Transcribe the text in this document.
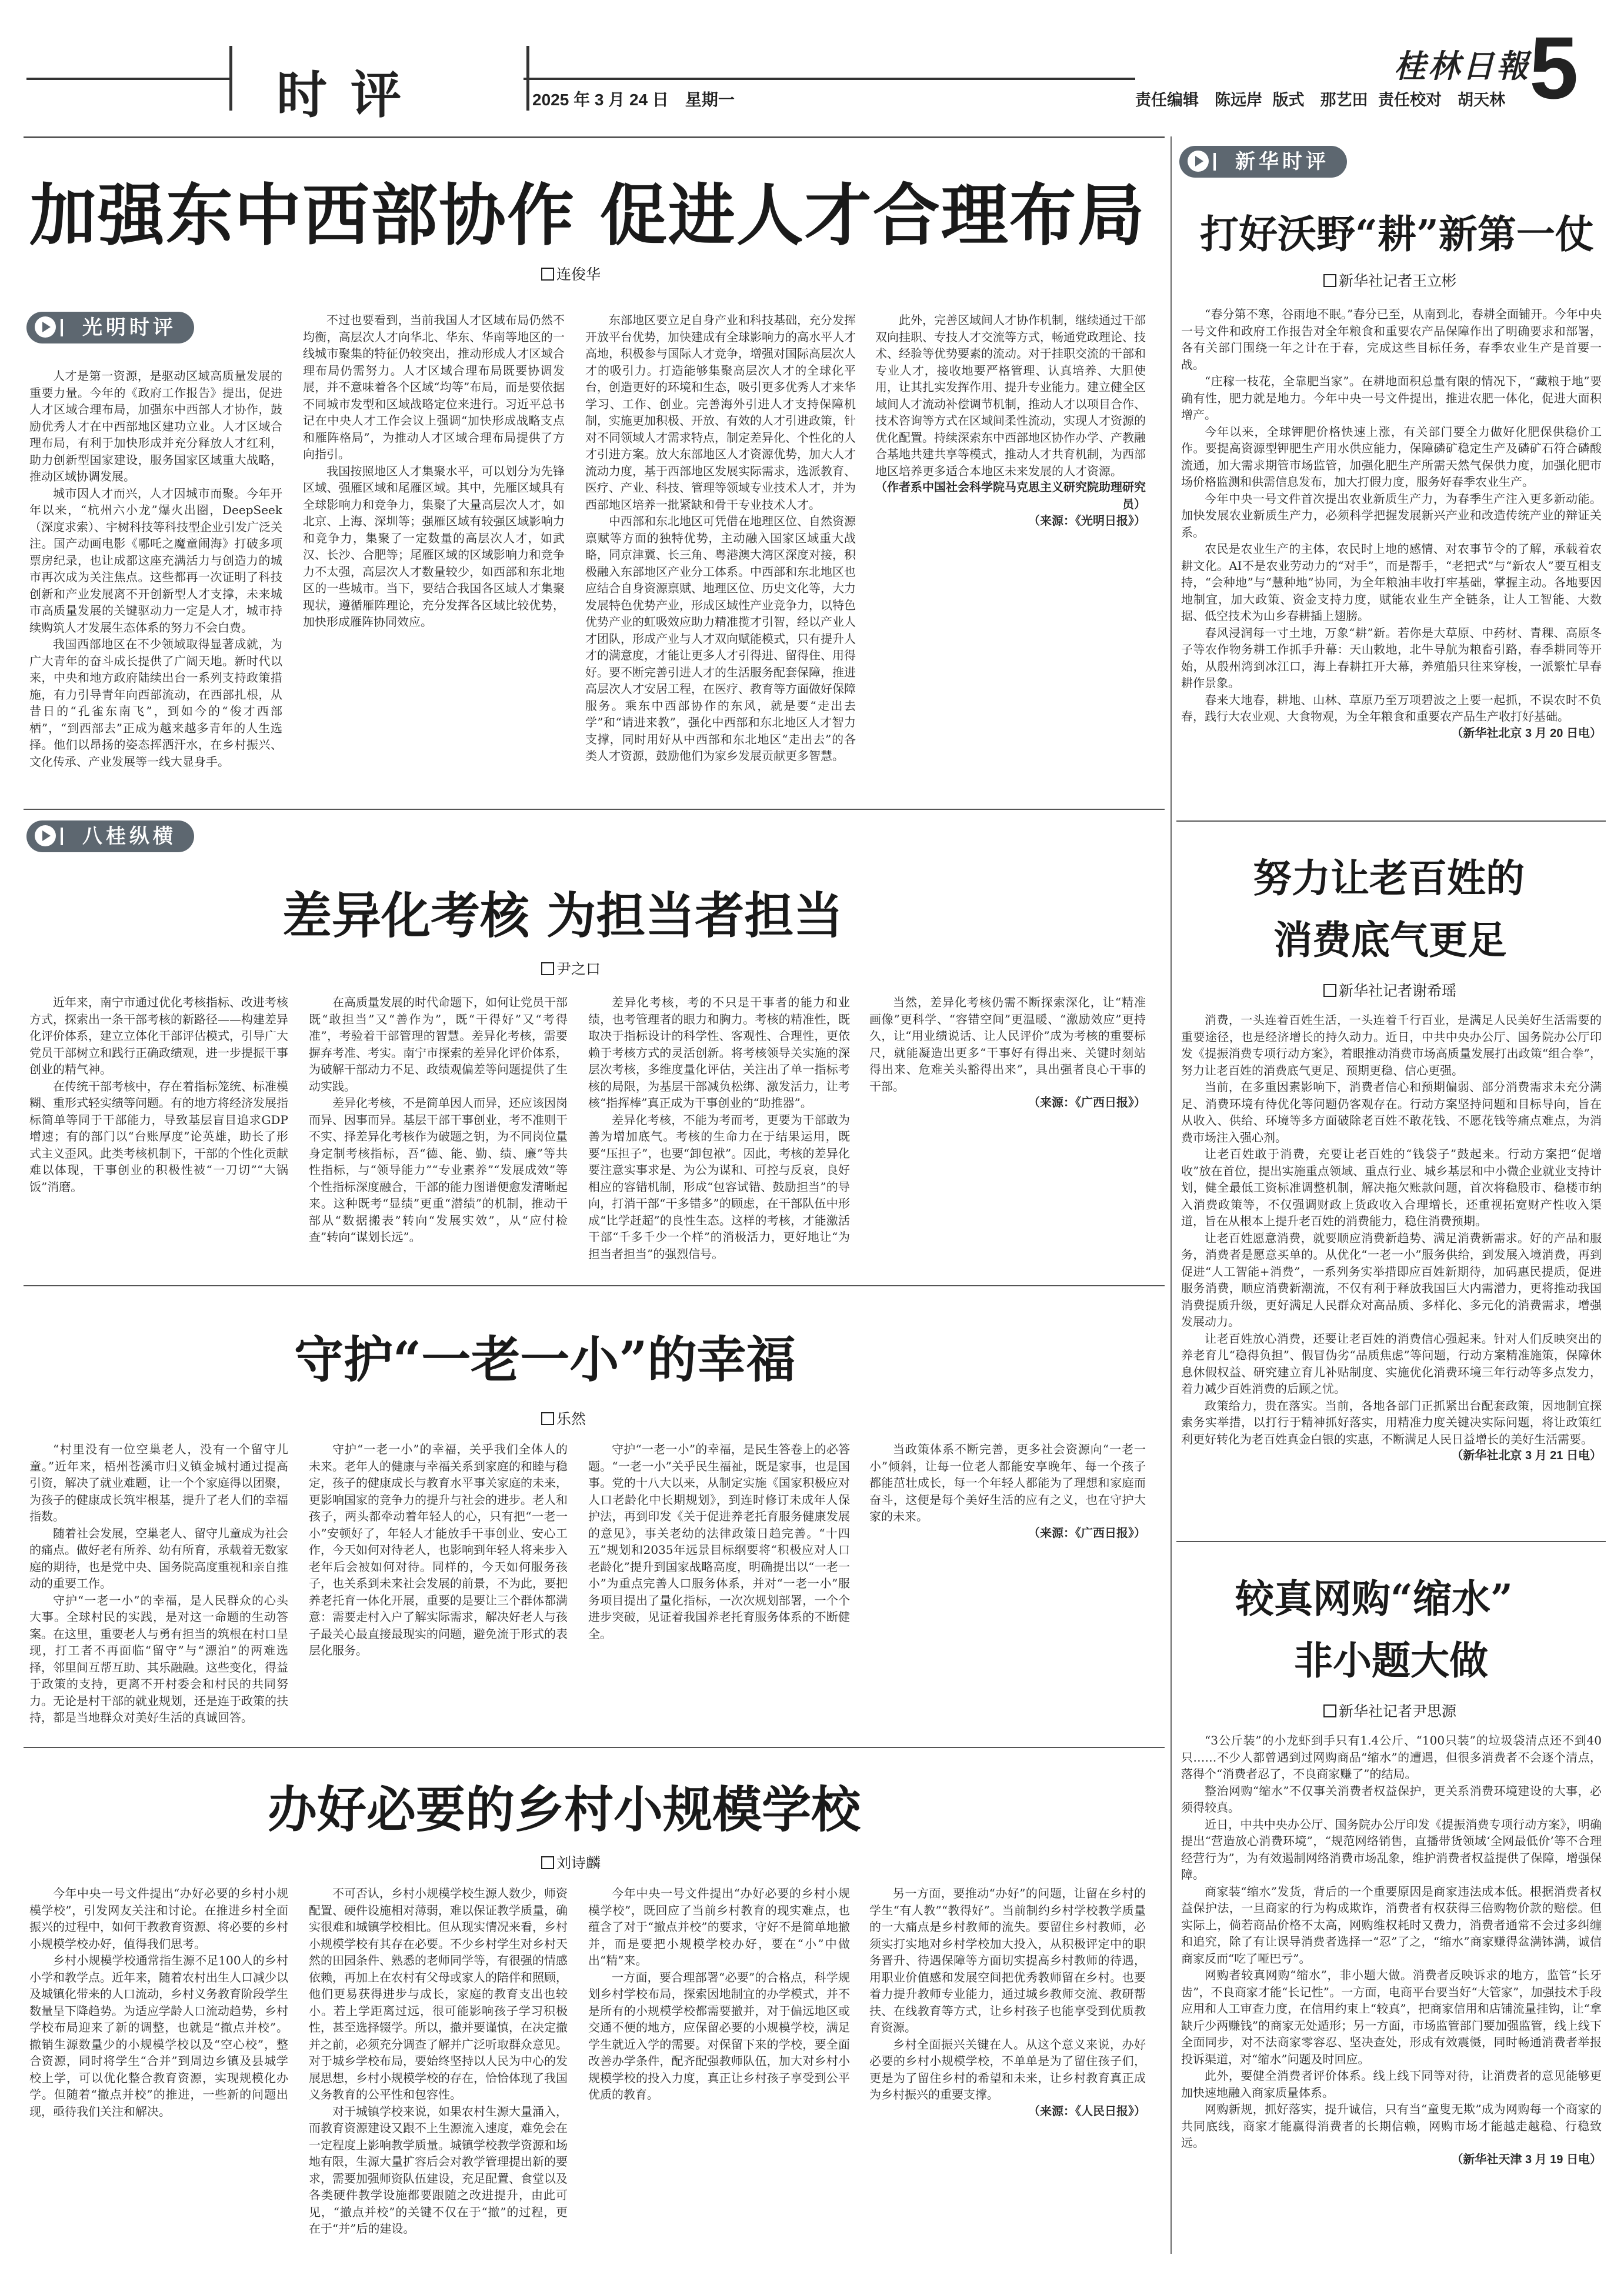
时评	2025 年 3 月 24 日　星期一
桂林日報
5
责任编辑　陈远岸 版式　那艺田 责任校对　胡天林
加强东中西部协作 促进人才合理布局
连俊华
光明时评

人才是第一资源，是驱动区域高质量发展的重要力量。今年的《政府工作报告》提出，促进人才区域合理布局，加强东中西部人才协作，鼓励优秀人才在中西部地区建功立业。人才区域合理布局，有利于加快形成并充分释放人才红利，助力创新型国家建设，服务国家区域重大战略，推动区域协调发展。

城市因人才而兴，人才因城市而聚。今年开年以来，“杭州六小龙”爆火出圈，DeepSeek（深度求索）、宇树科技等科技型企业引发广泛关注。国产动画电影《哪吒之魔童闹海》打破多项票房纪录，也让成都这座充满活力与创造力的城市再次成为关注焦点。这些都再一次证明了科技创新和产业发展离不开创新型人才支撑，未来城市高质量发展的关键驱动力一定是人才，城市持续购筑人才发展生态体系的努力不会白费。

我国西部地区在不少领域取得显著成就，为广大青年的奋斗成长提供了广阔天地。新时代以来，中央和地方政府陆续出台一系列支持政策措施，有力引导青年向西部流动，在西部扎根，从昔日的“孔雀东南飞”，到如今的“俊才西部栖”，“到西部去”正成为越来越多青年的人生选择。他们以昂扬的姿态挥洒汗水，在乡村振兴、文化传承、产业发展等一线大显身手。

不过也要看到，当前我国人才区域布局仍然不均衡，高层次人才向华北、华东、华南等地区的一线城市聚集的特征仍较突出，推动形成人才区域合理布局仍需努力。人才区域合理布局既要协调发展，并不意味着各个区域“均等”布局，而是要依据不同城市发型和区域战略定位来进行。习近平总书记在中央人才工作会议上强调“加快形成战略支点和雁阵格局”，为推动人才区域合理布局提供了方向指引。

我国按照地区人才集聚水平，可以划分为先锋区域、强雁区域和尾雁区域。其中，先雁区域具有全球影响力和竞争力，集聚了大量高层次人才，如北京、上海、深圳等；强雁区域有较强区域影响力和竞争力，集聚了一定数量的高层次人才，如武汉、长沙、合肥等；尾雁区域的区域影响力和竞争力不太强，高层次人才数量较少，如西部和东北地区的一些城市。当下，要结合我国各区域人才集聚现状，遵循雁阵理论，充分发挥各区域比较优势，加快形成雁阵协同效应。

东部地区要立足自身产业和科技基础，充分发挥开放平台优势，加快建成有全球影响力的高水平人才高地，积极参与国际人才竞争，增强对国际高层次人才的吸引力。打造能够集聚高层次人才的全球化平台，创造更好的环境和生态，吸引更多优秀人才来华学习、工作、创业。完善海外引进人才支持保障机制，实施更加积极、开放、有效的人才引进政策，针对不同领域人才需求特点，制定差异化、个性化的人才引进方案。放大东部地区人才资源优势，加大人才流动力度，基于西部地区发展实际需求，选派教育、医疗、产业、科技、管理等领域专业技术人才，并为西部地区培养一批紧缺和骨干专业技术人才。

中西部和东北地区可凭借在地理区位、自然资源禀赋等方面的独特优势，主动融入国家区域重大战略，同京津冀、长三角、粤港澳大湾区深度对接，积极融入东部地区产业分工体系。中西部和东北地区也应结合自身资源禀赋、地理区位、历史文化等，大力发展特色优势产业，形成区域性产业竞争力，以特色优势产业的虹吸效应助力精准揽才引智，经以产业人才团队，形成产业与人才双向赋能模式，只有提升人才的满意度，才能让更多人才引得进、留得住、用得好。要不断完善引进人才的生活服务配套保障，推进高层次人才安居工程，在医疗、教育等方面做好保障服务。乘东中西部协作的东风，就是要“走出去学”和“请进来教”，强化中西部和东北地区人才智力支撑，同时用好从中西部和东北地区“走出去”的各类人才资源，鼓励他们为家乡发展贡献更多智慧。

此外，完善区域间人才协作机制，继续通过干部双向挂职、专技人才交流等方式，畅通党政理论、技术、经验等优势要素的流动。对于挂职交流的干部和专业人才，接收地要严格管理、认真培养、大胆使用，让其扎实发挥作用、提升专业能力。建立健全区域间人才流动补偿调节机制，推动人才以项目合作、技术咨询等方式在区域间柔性流动，实现人才资源的优化配置。持续深索东中西部地区协作办学、产教融合基地共建共享等模式，推动人才共育机制，为西部地区培养更多适合本地区未来发展的人才资源。

（作者系中国社会科学院马克思主义研究院助理研究员）

（来源：《光明日报》）

八桂纵横
差异化考核 为担当者担当
尹之口

近年来，南宁市通过优化考核指标、改进考核方式，探索出一条干部考核的新路径——构建差异化评价体系，建立立体化干部评估模式，引导广大党员干部树立和践行正确政绩观，进一步提振干事创业的精气神。

在传统干部考核中，存在着指标笼统、标准模糊、重形式轻实绩等问题。有的地方将经济发展指标简单等同于干部能力，导致基层盲目追求GDP增速；有的部门以“台账厚度”论英雄，助长了形式主义歪风。此类考核机制下，干部的个性化贡献难以体现，干事创业的积极性被“一刀切”“大锅饭”消磨。

在高质量发展的时代命题下，如何让党员干部既“敢担当”又“善作为”，既“干得好”又“考得准”，考验着干部管理的智慧。差异化考核，需要摒弃考准、考实。南宁市探索的差异化评价体系，为破解干部动力不足、政绩观偏差等问题提供了生动实践。

差异化考核，不是简单因人而异，还应该因岗而异、因事而异。基层干部干事创业，考不准则干不实、择差异化考核作为破题之钥，为不同岗位量身定制考核指标，吾“德、能、勤、绩、廉”等共性指标，与“领导能力”“专业素养”“发展成效”等个性指标深度融合，干部的能力图谱便愈发清晰起来。这种既考“显绩”更重“潜绩”的机制，推动干部从“数据搬表”转向“发展实效”，从“应付检查”转向“谋划长远”。

差异化考核，考的不只是干事者的能力和业绩，也考管理者的眼力和胸力。考核的精准性，既取决于指标设计的科学性、客观性、合理性，更依赖于考核方式的灵活创新。将考核领导关实施的深层次考核，多维度量化评估，关注出了单一指标考核的局限，为基层干部减负松绑、激发活力，让考核“指挥棒”真正成为干事创业的“助推器”。

差异化考核，不能为考而考，更要为干部敢为善为增加底气。考核的生命力在于结果运用，既要“压担子”，也要“卸包袱”。因此，考核的差异化要注意实事求是、为公为谋和、可控与反哀，良好相应的容错机制，形成“包容试错、鼓励担当”的导向，打消干部“干多错多”的顾虑，在干部队伍中形成“比学赶超”的良性生态。这样的考核，才能激活干部“千多千少一个样”的消极活力，更好地让“为担当者担当”的强烈信号。

当然，差异化考核仍需不断探索深化，让“精准画像”更科学、“容错空间”更温暖、“激励效应”更持久，让“用业绩说话、让人民评价”成为考核的重要标尺，就能凝造出更多“干事好有得出来、关键时刻站得出来、危难关头豁得出来”，具出强者良心干事的干部。

（来源：《广西日报》）

守护“一老一小”的幸福
乐然

“村里没有一位空巢老人，没有一个留守儿童。”近年来，梧州苍溪市归义镇金城村通过提高引资，解决了就业难题，让一个个家庭得以团聚，为孩子的健康成长筑牢根基，提升了老人们的幸福指数。

随着社会发展，空巢老人、留守儿童成为社会的痛点。做好老有所养、幼有所育，承载着无数家庭的期待，也是党中央、国务院高度重视和亲自推动的重要工作。

守护“一老一小”的幸福，是人民群众的心头大事。全球村民的实践，是对这一命题的生动答案。在这里，重要老人与勇有担当的筑根在村口呈现，打工者不再面临“留守”与“漂泊”的两难选择，邻里间互帮互助、其乐融融。这些变化，得益于政策的支持，更离不开村委会和村民的共同努力。无论是村干部的就业规划，还是连于政策的扶持，都是当地群众对美好生活的真诚回答。

守护“一老一小”的幸福，关乎我们全体人的未来。老年人的健康与幸福关系到家庭的和睦与稳定，孩子的健康成长与教育水平事关家庭的未来，更影响国家的竞争力的提升与社会的进步。老人和孩子，两头都牵动着年轻人的心，只有把“一老一小”安顿好了，年轻人才能放手干事创业、安心工作，今天如何对待老人，也影响到年轻人将来步入老年后会被如何对待。同样的，今天如何服务孩子，也关系到未来社会发展的前景，不为此，要把养老托育一体化开展，重要的是要让三个群体都满意：需要走村入户了解实际需求，解决好老人与孩子最关心最直接最现实的问题，避免流于形式的表层化服务。

守护“一老一小”的幸福，是民生答卷上的必答题。“一老一小”关乎民生福祉，既是家事，也是国事。党的十八大以来，从制定实施《国家积极应对人口老龄化中长期规划》，到连时修订未成年人保护法，再到印发《关于促进养老托育服务健康发展的意见》，事关老幼的法律政策日趋完善。“十四五”规划和2035年远景目标纲要将“积极应对人口老龄化”提升到国家战略高度，明确提出以“一老一小”为重点完善人口服务体系，并对“一老一小”服务项目提出了量化指标，一次次规划部署，一个个进步突破，见证着我国养老托育服务体系的不断健全。

当政策体系不断完善，更多社会资源向“一老一小”倾斜，让每一位老人都能安享晚年、每一个孩子都能茁壮成长，每一个年轻人都能为了理想和家庭而奋斗，这便是每个美好生活的应有之义，也在守护大家的未来。

（来源：《广西日报》）

办好必要的乡村小规模学校
刘诗麟

今年中央一号文件提出“办好必要的乡村小规模学校”，引发网友关注和讨论。在推进乡村全面振兴的过程中，如何干教教育资源、将必要的乡村小规模学校办好，值得我们思考。

乡村小规模学校通常指生源不足100人的乡村小学和教学点。近年来，随着农村出生人口减少以及城镇化带来的人口流动，乡村义务教育阶段学生数量呈下降趋势。为适应学龄人口流动趋势，乡村学校布局迎来了新的调整，也就是“撤点并校”。撤销生源数量少的小规模学校以及“空心校”，整合资源，同时将学生“合并”到周边乡镇及县城学校上学，可以优化整合教育资源，实现规模化办学。但随着“撤点并校”的推进，一些新的问题出现，亟待我们关注和解决。

不可否认，乡村小规模学校生源人数少，师资配置、硬件设施相对薄弱，难以保证教学质量，确实很难和城镇学校相比。但从现实情况来看，乡村小规模学校有其存在必要。不少乡村学生对乡村天然的田园条件、熟悉的老师同学等，有很强的情感依赖，再加上在农村有父母或家人的陪伴和照顾，他们更易获得进步与成长，家庭的教育支出也较小。若上学距离过远，很可能影响孩子学习积极性，甚至选择辍学。所以，撤并要谨慎，在决定撤并之前，必须充分调查了解并广泛听取群众意见。对于城乡学校布局，要始终坚持以人民为中心的发展思想，乡村小规模学校的存在，恰恰体现了我国义务教育的公平性和包容性。

对于城镇学校来说，如果农村生源大量涌入，而教育资源建设又跟不上生源流入速度，难免会在一定程度上影响教学质量。城镇学校教学资源和场地有限，生源大量扩容后会对教学管理提出新的要求，需要加强师资队伍建设，充足配置、食堂以及各类硬件教学设施都要跟随之改进提升，由此可见，“撤点并校”的关键不仅在于“撤”的过程，更在于“并”后的建设。

今年中央一号文件提出“办好必要的乡村小规模学校”，既回应了当前乡村教育的现实难点，也蕴含了对于“撤点并校”的要求，守好不是简单地撤并，而是要把小规模学校办好，要在“小”中做出“精”来。

一方面，要合理部署“必要”的合格点，科学规划乡村学校布局，探索因地制宜的办学模式，并不是所有的小规模学校都需要撤并，对于偏远地区或交通不便的地方，应保留必要的小规模学校，满足学生就近入学的需要。对保留下来的学校，要全面改善办学条件，配齐配强教师队伍，加大对乡村小规模学校的投入力度，真正让乡村孩子享受到公平优质的教育。

另一方面，要推动“办好”的问题，让留在乡村的学生“有人教”“教得好”。当前制约乡村学校教学质量的一大痛点是乡村教师的流失。要留住乡村教师，必须实打实地对乡村学校加大投入，从积极评定中的职务晋升、待遇保障等方面切实提高乡村教师的待遇，用职业价值感和发展空间把优秀教师留在乡村。也要着力提升教师专业能力，通过城乡教师交流、教研帮扶、在线教育等方式，让乡村孩子也能享受到优质教育资源。

乡村全面振兴关键在人。从这个意义来说，办好必要的乡村小规模学校，不单单是为了留住孩子们，更是为了留住乡村的希望和未来，让乡村教育真正成为乡村振兴的重要支撑。

（来源：《人民日报》）

新华时评
打好沃野“耕”新第一仗
新华社记者王立彬

“春分第不寒，谷雨地不眠。”春分已至，从南到北，春耕全面铺开。今年中央一号文件和政府工作报告对全年粮食和重要农产品保障作出了明确要求和部署，各有关部门围绕一年之计在于春，完成这些目标任务，春季农业生产是首要一战。

“庄稼一枝花，全靠肥当家”。在耕地面积总量有限的情况下，“藏粮于地”要确有性，肥力就是地力。今年中央一号文件提出，推进农肥一体化，促进大面积增产。

今年以来，全球钾肥价格快速上涨，有关部门要全力做好化肥保供稳价工作。要提高资源型钾肥生产用水供应能力，保障磷矿稳定生产及磷矿石符合磷酸流通，加大需求期管市场监管，加强化肥生产所需天然气保供力度，加强化肥市场价格监测和供需信息发布，加大打假力度，服务好春季农业生产。

今年中央一号文件首次提出农业新质生产力，为春季生产注入更多新动能。加快发展农业新质生产力，必须科学把握发展新兴产业和改造传统产业的辩证关系。

农民是农业生产的主体，农民时上地的感情、对农事节令的了解，承载着农耕文化。AI不是农业劳动力的“对手”，而是帮手，“老把式”与“新农人”要互相支持，“会种地”与“慧种地”协同，为全年粮油丰收打牢基础，掌握主动。各地要因地制宜，加大政策、资金支持力度，赋能农业生产全链条，让人工智能、大数据、低空技术为山乡春耕插上翅膀。

春风浸润每一寸土地，万象“耕”新。若你是大草原、中药材、青稞、高原冬子等农作物务耕工作抓手升幕：天山敕地，北牛导航为粮畜引路，春季耕同等开始，从殷州湾到冰江口，海上春耕扛开大幕，养殖船只往来穿梭，一派繁忙早春耕作景象。

春来大地春，耕地、山林、草原乃至万项碧波之上要一起抓，不误农时不负春，践行大农业观、大食物观，为全年粮食和重要农产品生产收打好基础。

（新华社北京 3 月 20 日电）

努力让老百姓的
消费底气更足
新华社记者谢希瑶

消费，一头连着百姓生活，一头连着千行百业，是满足人民美好生活需要的重要途径，也是经济增长的持久动力。近日，中共中央办公厅、国务院办公厅印发《提振消费专项行动方案》，着眼推动消费市场高质量发展打出政策“组合拳”，努力让老百姓的消费底气更足、预期更稳、信心更强。

当前，在多重因素影响下，消费者信心和预期偏弱、部分消费需求未充分满足、消费环境有待优化等问题仍客观存在。行动方案坚持问题和目标导向，旨在从收入、供给、环境等多方面破除老百姓不敢花钱、不愿花钱等痛点难点，为消费市场注入强心剂。

让老百姓敢于消费，充要让老百姓的“钱袋子”鼓起来。行动方案把“促增收”放在首位，提出实施重点领域、重点行业、城乡基层和中小微企业就业支持计划，健全最低工资标准调整机制，解决拖欠账款问题，首次将稳股市、稳楼市纳入消费政策等，不仅强调财政上货政收入合理增长，还重视拓宽财产性收入渠道，旨在从根本上提升老百姓的消费能力，稳住消费预期。

让老百姓愿意消费，就要顺应消费新趋势、满足消费新需求。好的产品和服务，消费者是愿意买单的。从优化“一老一小”服务供给，到发展入境消费，再到促进“人工智能+消费”，一系列务实举措即应百姓新期待，加码惠民提质，促进服务消费，顺应消费新潮流，不仅有利于释放我国巨大内需潜力，更将推动我国消费提质升级，更好满足人民群众对高品质、多样化、多元化的消费需求，增强发展动力。

让老百姓放心消费，还要让老百姓的消费信心强起来。针对人们反映突出的养老育儿“稳得负担”、假冒伪劣“品质焦虑”等问题，行动方案精准施策，保障休息休假权益、研究建立育儿补贴制度、实施优化消费环境三年行动等多点发力，着力减少百姓消费的后顾之忧。

政策给力，贵在落实。当前，各地各部门正抓紧出台配套政策，因地制宜探索务实举措，以打行于精神抓好落实，用精准力度关键决实际问题，将让政策红利更好转化为老百姓真金白银的实惠，不断满足人民日益增长的美好生活需要。

（新华社北京 3 月 21 日电）

较真网购“缩水”
非小题大做
新华社记者尹思源

“3公斤装”的小龙虾到手只有1.4公斤、“100只装”的垃圾袋清点还不到40只……不少人都曾遇到过网购商品“缩水”的遭遇，但很多消费者不会逐个清点，落得个“消费者忍了，不良商家赚了”的结局。

整治网购“缩水”不仅事关消费者权益保护，更关系消费环境建设的大事，必须得较真。

近日，中共中央办公厅、国务院办公厅印发《提振消费专项行动方案》，明确提出“营造放心消费环境”，“规范网络销售，直播带货领域‘全网最低价’等不合理经营行为”，为有效遏制网络消费市场乱象，维护消费者权益提供了保障，增强保障。

商家装“缩水”发货，背后的一个重要原因是商家违法成本低。根据消费者权益保护法，一旦商家的行为构成欺诈，消费者有权获得三倍购物价款的赔偿。但实际上，倘若商品价格不太高，网购维权耗时又费力，消费者通常不会过多纠缠和追究，除了有让误导消费者选择一“忍”了之，“缩水”商家赚得盆满钵满，诚信商家反而“吃了哑巴亏”。

网购者较真网购“缩水”，非小题大做。消费者反映诉求的地方，监管“长牙齿”，不良商家才能“长记性”。一方面，电商平台要当好“大管家”，加强技术手段应用和人工审查力度，在信用约束上“较真”，把商家信用和店铺流量挂钩，让“拿缺斤少两赚钱”的商家无处遁形；另一方面，市场监管部门要加强监管，线上线下全面同步，对不法商家零容忍、坚决查处，形成有效震慑，同时畅通消费者举报投诉渠道，对“缩水”问题及时回应。

此外，要健全消费者评价体系。线上线下同等对待，让消费者的意见能够更加快速地融入商家质量体系。

网购新规，抓好落实，提升诚信，只有当“童叟无欺”成为网购每一个商家的共同底线，商家才能赢得消费者的长期信赖，网购市场才能越走越稳、行稳致远。

（新华社天津 3 月 19 日电）
